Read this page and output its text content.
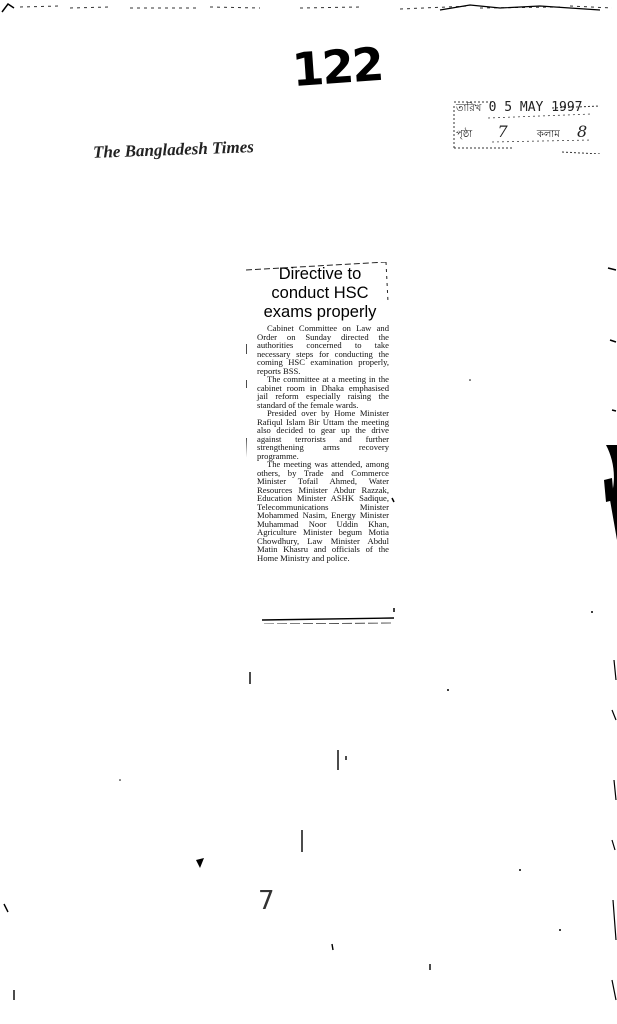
122
তারিখ 0 5 MAY 1997
পৃষ্ঠা 7	কলাম 8
The Bangladesh Times
Directive to conduct HSC exams properly

Cabinet Committee on Law and Order on Sunday directed the authorities concerned to take necessary steps for conducting the coming HSC examination properly, reports BSS.

The committee at a meeting in the cabinet room in Dhaka emphasised jail reform especially raising the standard of the female wards.

Presided over by Home Minister Rafiqul Islam Bir Uttam the meeting also decided to gear up the drive against terrorists and further strengthening arms recovery programme.

The meeting was attended, among others, by Trade and Commerce Minister Tofail Ahmed, Water Resources Minister Abdur Razzak, Education Minister ASHK Sadique, Telecommunications Minister Mohammed Nasim, Energy Minister Muhammad Noor Uddin Khan, Agriculture Minister begum Motia Chowdhury, Law Minister Abdul Matin Khasru and officials of the Home Ministry and police.

7
